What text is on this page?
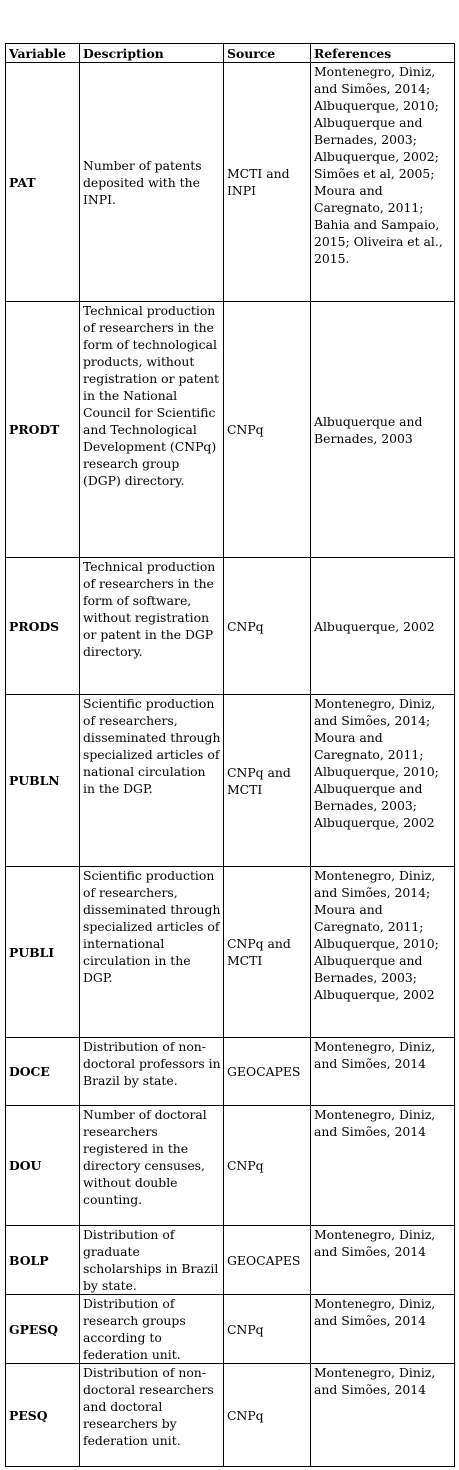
Variable	Description	Source	References
PAT	Number of patents deposited with the INPI.	MCTI and INPI	Montenegro, Diniz, and Simões, 2014; Albuquerque, 2010; Albuquerque and Bernades, 2003; Albuquerque, 2002; Simões et al, 2005; Moura and Caregnato, 2011; Bahia and Sampaio, 2015; Oliveira et al., 2015.
PRODT	Technical production of researchers in the form of technological products, without registration or patent in the National Council for Scientific and Technological Development (CNPq) research group (DGP) directory.	CNPq	Albuquerque and Bernades, 2003
PRODS	Technical production of researchers in the form of software, without registration or patent in the DGP directory.	CNPq	Albuquerque, 2002
PUBLN	Scientific production of researchers, disseminated through specialized articles of national circulation in the DGP.	CNPq and MCTI	Montenegro, Diniz, and Simões, 2014; Moura and Caregnato, 2011; Albuquerque, 2010; Albuquerque and Bernades, 2003; Albuquerque, 2002
PUBLI	Scientific production of researchers, disseminated through specialized articles of international circulation in the DGP.	CNPq and MCTI	Montenegro, Diniz, and Simões, 2014; Moura and Caregnato, 2011; Albuquerque, 2010; Albuquerque and Bernades, 2003; Albuquerque, 2002
DOCE	Distribution of non-doctoral professors in Brazil by state.	GEOCAPES	Montenegro, Diniz, and Simões, 2014
DOU	Number of doctoral researchers registered in the directory censuses, without double counting.	CNPq	Montenegro, Diniz, and Simões, 2014
BOLP	Distribution of graduate scholarships in Brazil by state.	GEOCAPES	Montenegro, Diniz, and Simões, 2014
GPESQ	Distribution of research groups according to federation unit.	CNPq	Montenegro, Diniz, and Simões, 2014
PESQ	Distribution of non-doctoral researchers and doctoral researchers by federation unit.	CNPq	Montenegro, Diniz, and Simões, 2014
